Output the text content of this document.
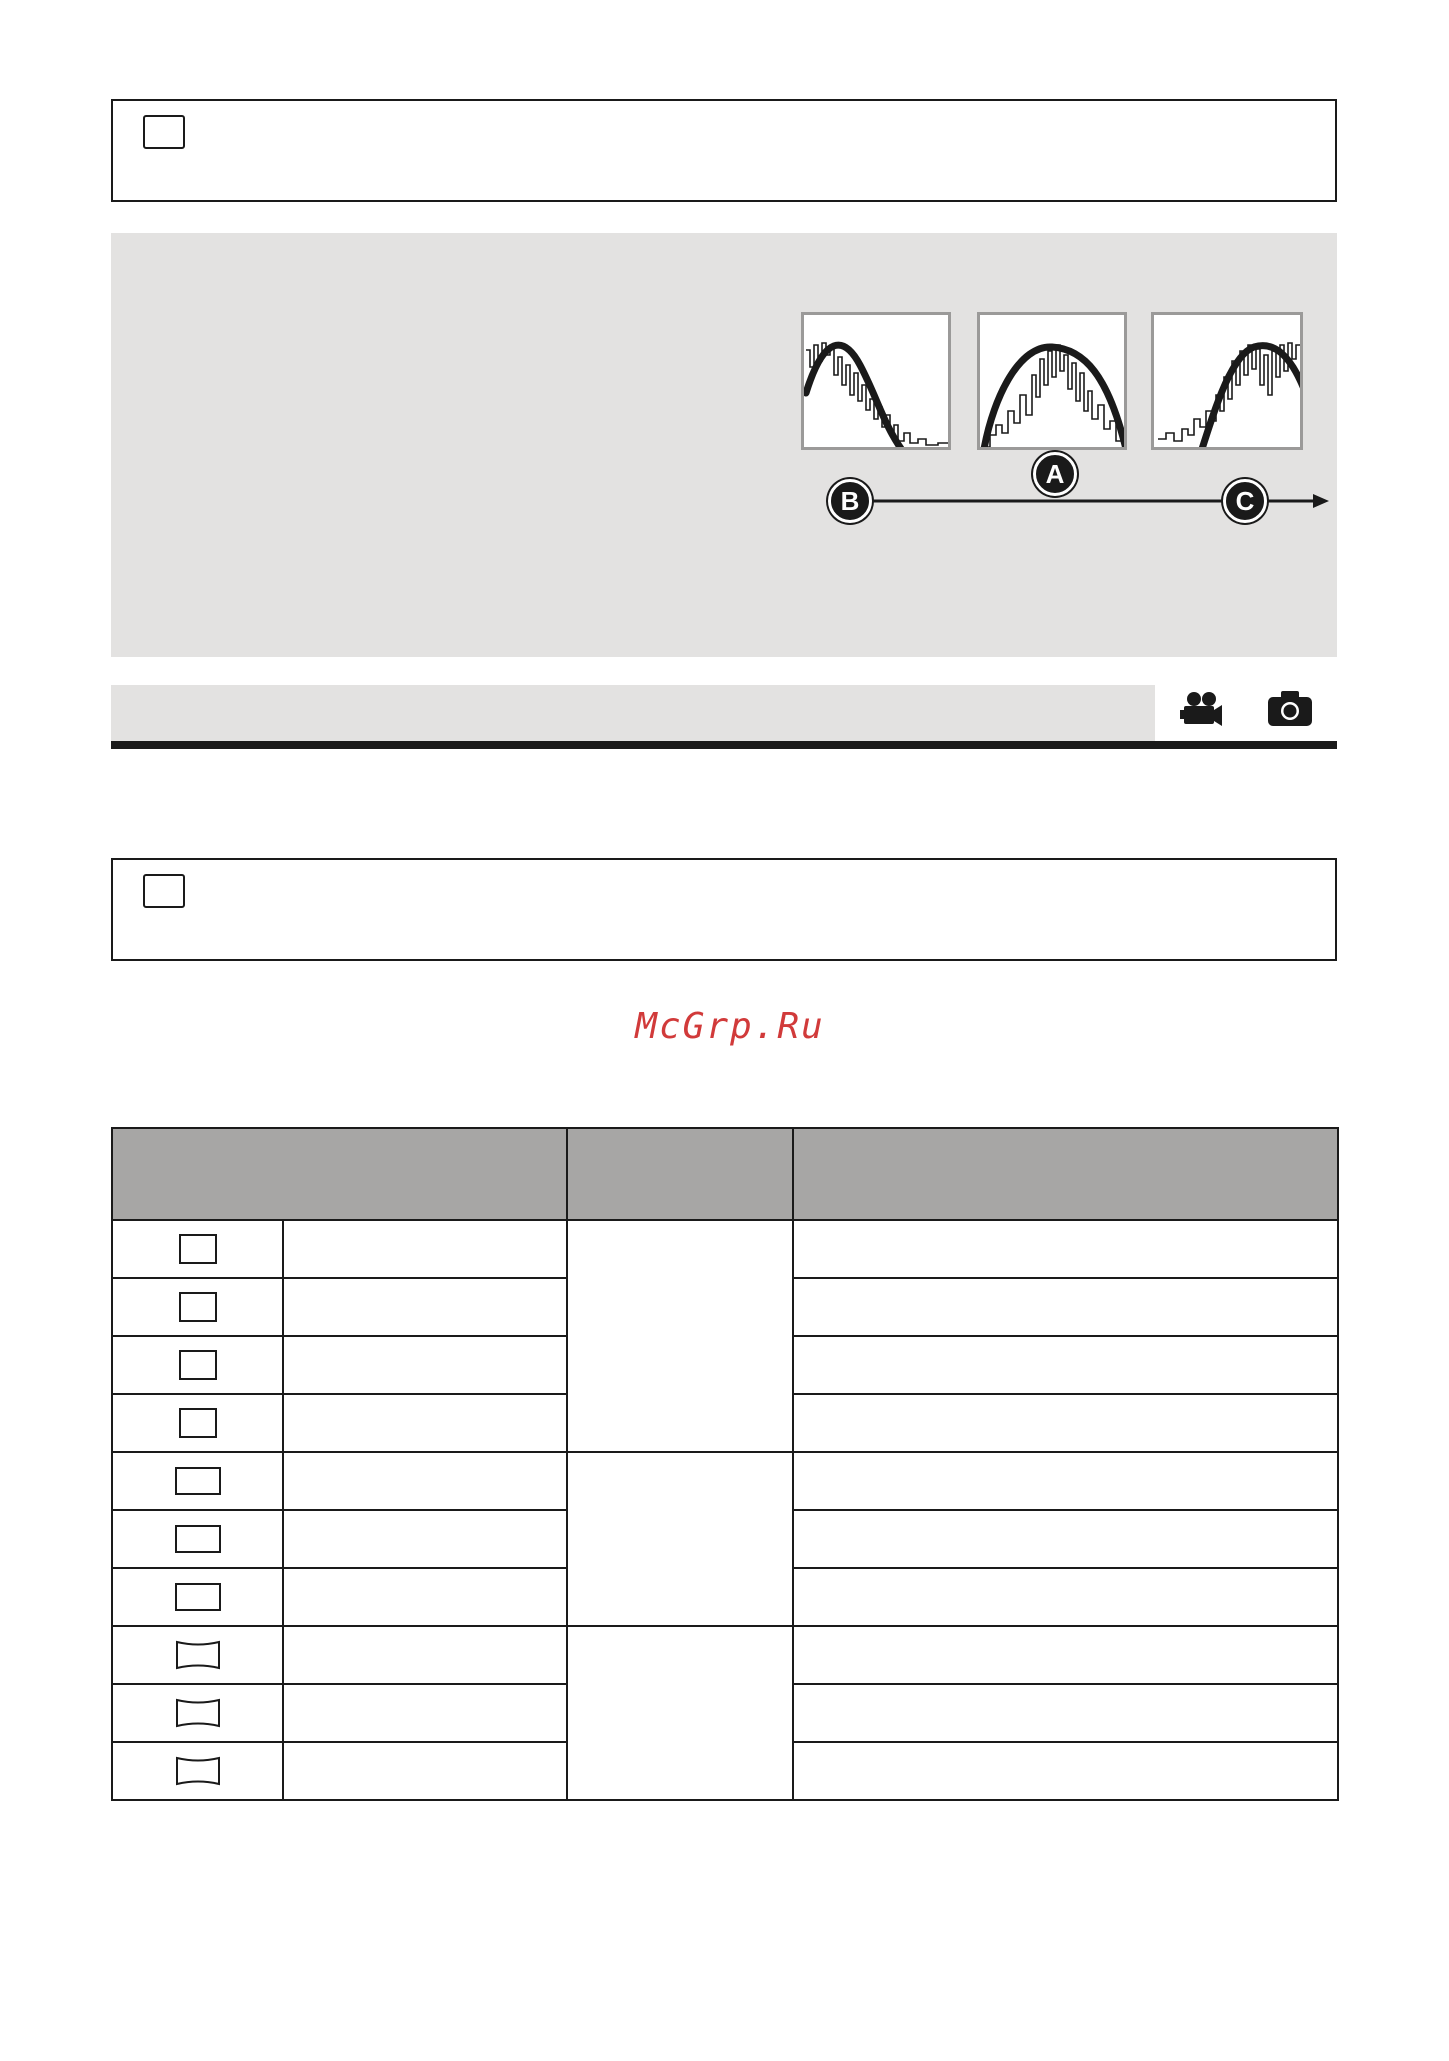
A
B	C
McGrp.Ru
